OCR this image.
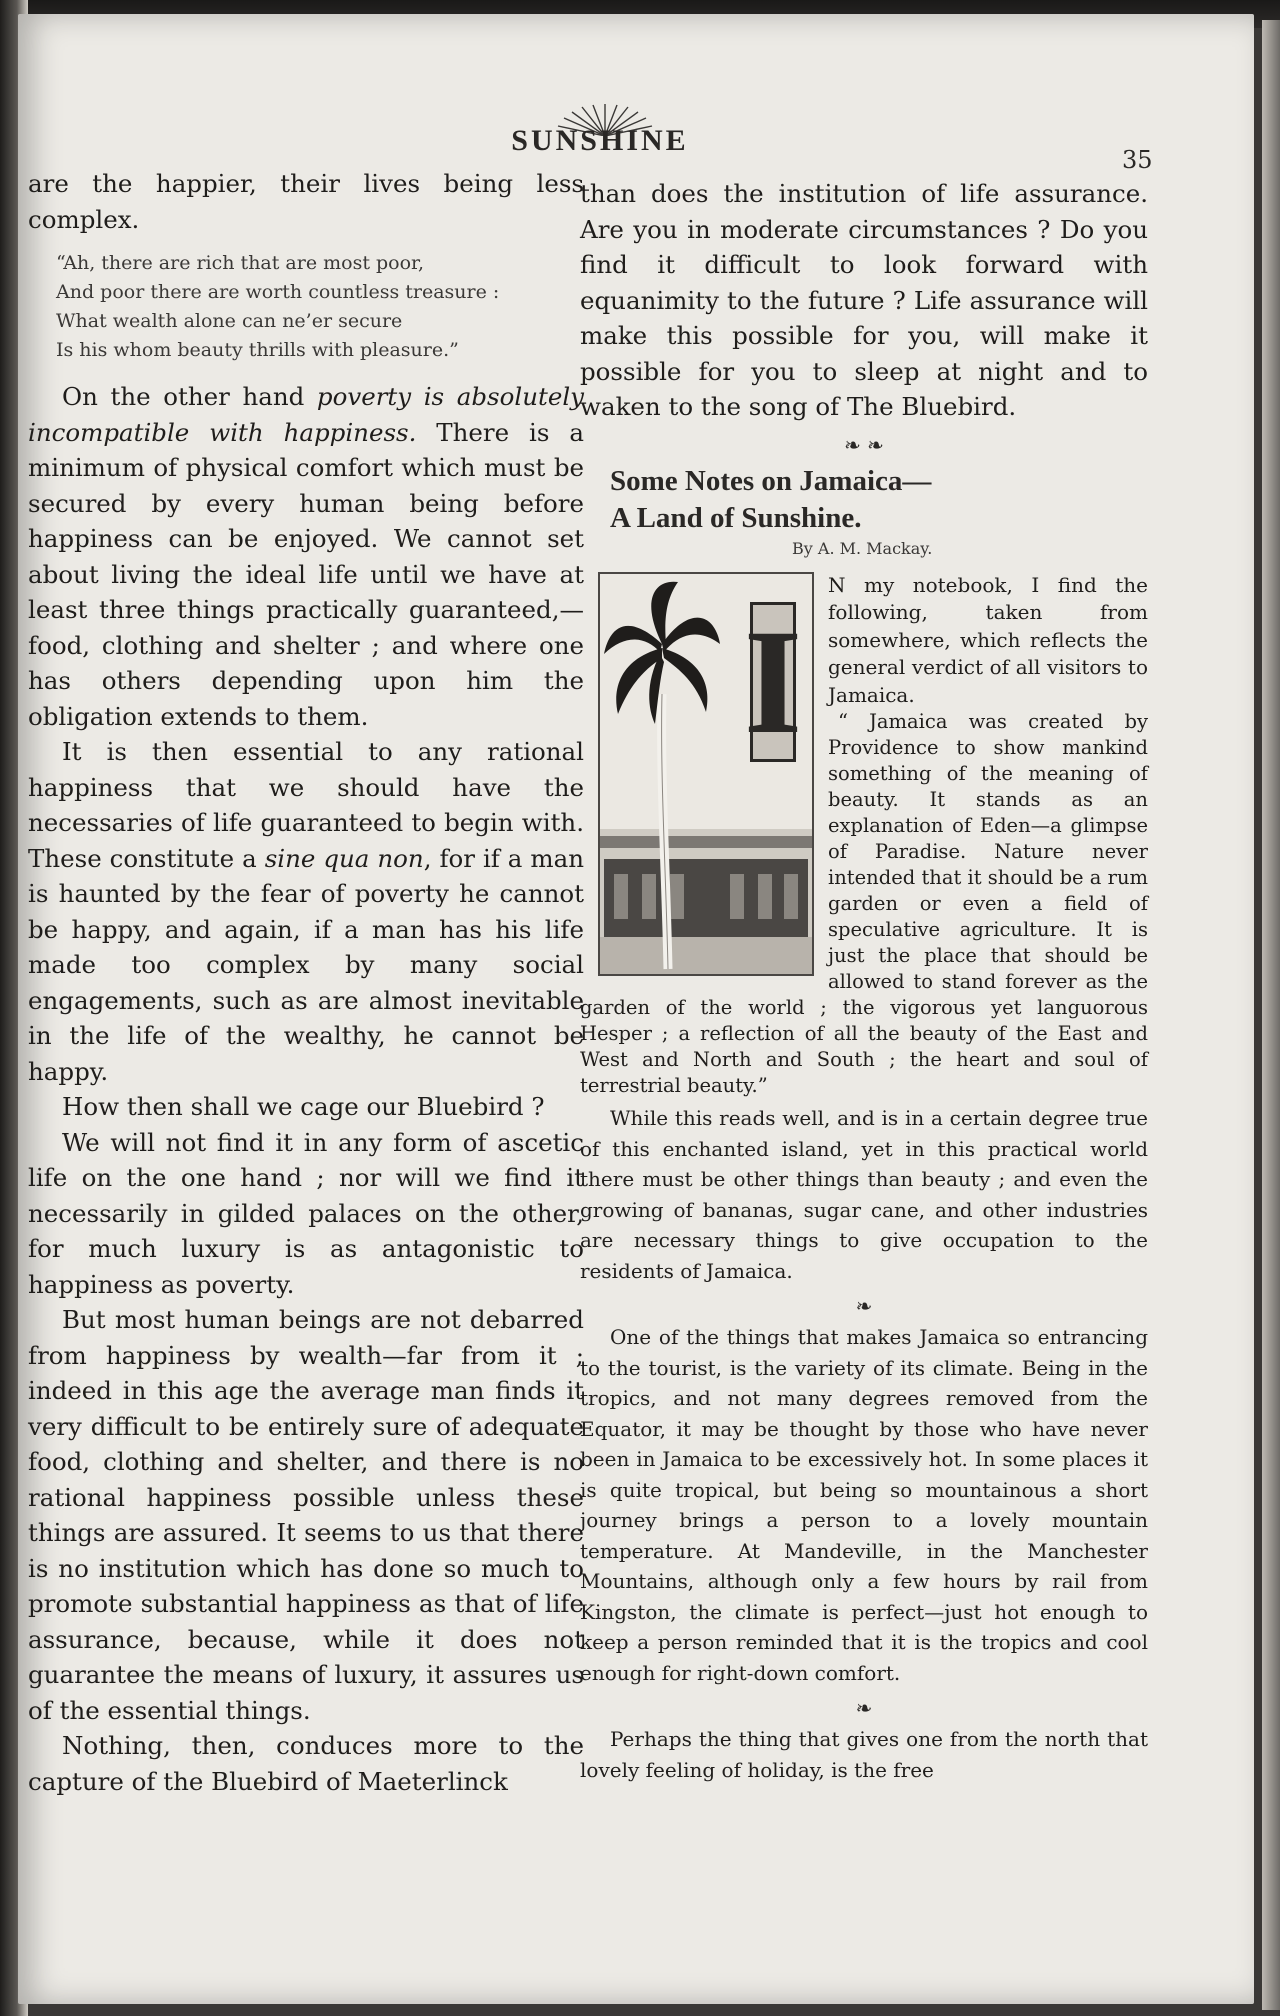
SUNSHINE
35

are the happier, their lives being less complex.

“Ah, there are rich that are most poor,
And poor there are worth countless treasure :
What wealth alone can ne’er secure
Is his whom beauty thrills with pleasure.”

On the other hand poverty is absolutely incompatible with happiness. There is a minimum of physical comfort which must be secured by every human being before happiness can be enjoyed. We cannot set about living the ideal life until we have at least three things practically guaranteed,—food, clothing and shelter ; and where one has others depending upon him the obligation extends to them.

It is then essential to any rational happiness that we should have the necessaries of life guaranteed to begin with. These constitute a sine qua non, for if a man is haunted by the fear of poverty he cannot be happy, and again, if a man has his life made too complex by many social engagements, such as are almost inevitable in the life of the wealthy, he cannot be happy.

How then shall we cage our Bluebird ?

We will not find it in any form of ascetic life on the one hand ; nor will we find it necessarily in gilded palaces on the other, for much luxury is as antagonistic to happiness as poverty.

But most human beings are not debarred from happiness by wealth—far from it ; indeed in this age the average man finds it very difficult to be entirely sure of adequate food, clothing and shelter, and there is no rational happiness possible unless these things are assured. It seems to us that there is no institution which has done so much to promote substantial happiness as that of life assurance, because, while it does not guarantee the means of luxury, it assures us of the essential things.

Nothing, then, conduces more to the capture of the Bluebird of Maeterlinck

than does the institution of life assurance. Are you in moderate circumstances ? Do you find it difficult to look forward with equanimity to the future ? Life assurance will make this possible for you, will make it possible for you to sleep at night and to waken to the song of The Bluebird.

❧ ❧
Some Notes on Jamaica—
A Land of Sunshine.
By A. M. Mackay.
I

N my notebook, I find the following, taken from somewhere, which reflects the general verdict of all visitors to Jamaica.

“ Jamaica was created by Providence to show mankind something of the meaning of beauty. It stands as an explanation of Eden—a glimpse of Paradise. Nature never intended that it should be a rum garden or even a field of speculative agriculture. It is just the place that should be allowed to stand forever as the garden of the world ; the vigorous yet languorous Hesper ; a reflection of all the beauty of the East and West and North and South ; the heart and soul of terrestrial beauty.”

While this reads well, and is in a certain degree true of this enchanted island, yet in this practical world there must be other things than beauty ; and even the growing of bananas, sugar cane, and other industries are necessary things to give occupation to the residents of Jamaica.

❧

One of the things that makes Jamaica so entrancing to the tourist, is the variety of its climate. Being in the tropics, and not many degrees removed from the Equator, it may be thought by those who have never been in Jamaica to be excessively hot. In some places it is quite tropical, but being so mountainous a short journey brings a person to a lovely mountain temperature. At Mandeville, in the Manchester Mountains, although only a few hours by rail from Kingston, the climate is perfect—just hot enough to keep a person reminded that it is the tropics and cool enough for right-down comfort.

❧

Perhaps the thing that gives one from the north that lovely feeling of holiday, is the free
